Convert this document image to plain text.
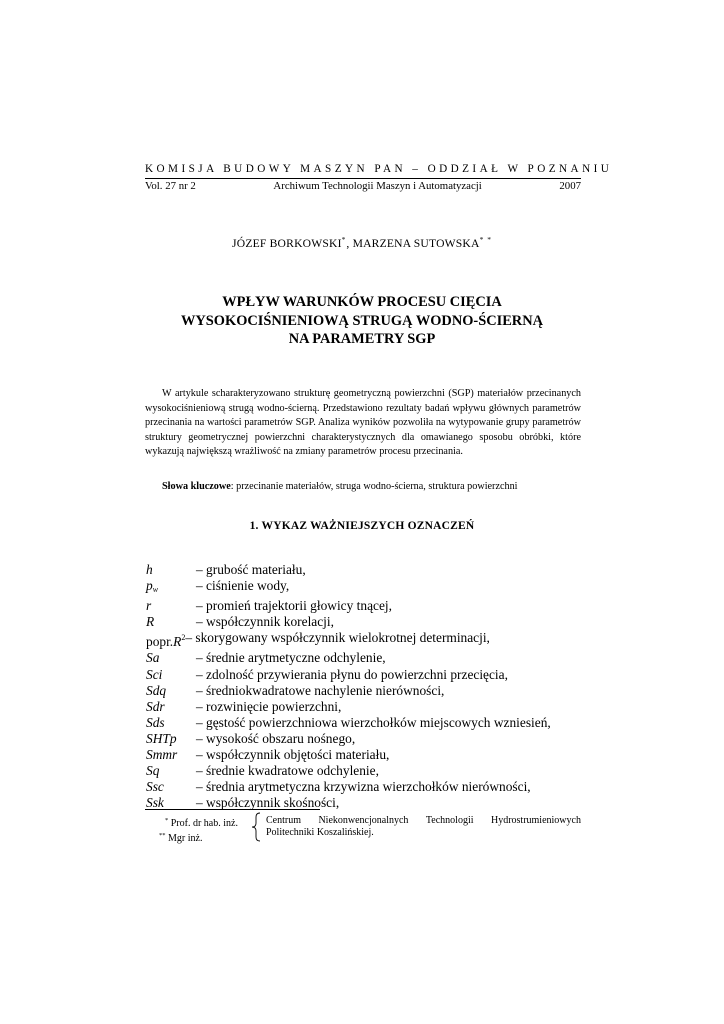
KOMISJA BUDOWY MASZYN PAN – ODDZIAŁ W POZNANIU
Vol. 27 nr 2	Archiwum Technologii Maszyn i Automatyzacji	2007
JÓZEF BORKOWSKI*, MARZENA SUTOWSKA* *
WPŁYW WARUNKÓW PROCESU CIĘCIA
WYSOKOCIŚNIENIOWĄ STRUGĄ WODNO-ŚCIERNĄ
NA PARAMETRY SGP
W artykule scharakteryzowano strukturę geometryczną powierzchni (SGP) materiałów przecinanych wysokociśnieniową strugą wodno-ścierną. Przedstawiono rezultaty badań wpływu głównych parametrów przecinania na wartości parametrów SGP. Analiza wyników pozwoliła na wytypowanie grupy parametrów struktury geometrycznej powierzchni charakterystycznych dla omawianego sposobu obróbki, które wykazują największą wrażliwość na zmiany parametrów procesu przecinania.
Słowa kluczowe: przecinanie materiałów, struga wodno-ścierna, struktura powierzchni
1. WYKAZ WAŻNIEJSZYCH OZNACZEŃ
h	– grubość materiału,
$p_w$	– ciśnienie wody,
r	– promień trajektorii głowicy tnącej,
R	– współczynnik korelacji,
$popr.R^2$ – skorygowany współczynnik wielokrotnej determinacji,
Sa	– średnie arytmetyczne odchylenie,
Sci	– zdolność przywierania płynu do powierzchni przecięcia,
Sdq	– średniokwadratowe nachylenie nierówności,
Sdr	– rozwinięcie powierzchni,
Sds	– gęstość powierzchniowa wierzchołków miejscowych wzniesień,
SHTp	– wysokość obszaru nośnego,
Smmr	– współczynnik objętości materiału,
Sq	– średnie kwadratowe odchylenie,
Ssc	– średnia arytmetyczna krzywizna wierzchołków nierówności,
Ssk	– współczynnik skośności,
* Prof. dr hab. inż.
** Mgr inż.
Centrum Niekonwencjonalnych Technologii Hydrostrumieniowych
Politechniki Koszalińskiej.
